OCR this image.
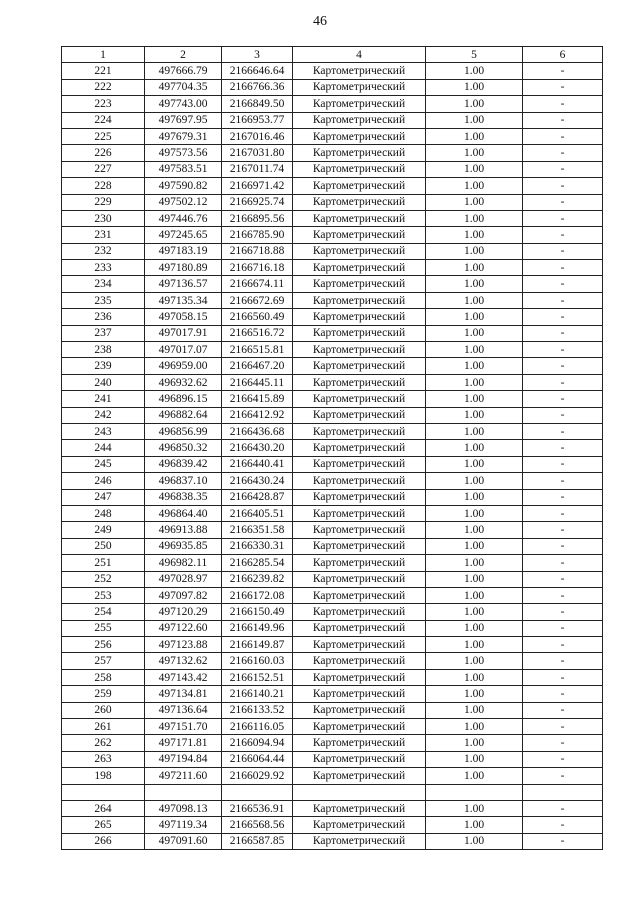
46
1	2	3	4	5	6
221	497666.79	2166646.64	Картометрический	1.00	-
222	497704.35	2166766.36	Картометрический	1.00	-
223	497743.00	2166849.50	Картометрический	1.00	-
224	497697.95	2166953.77	Картометрический	1.00	-
225	497679.31	2167016.46	Картометрический	1.00	-
226	497573.56	2167031.80	Картометрический	1.00	-
227	497583.51	2167011.74	Картометрический	1.00	-
228	497590.82	2166971.42	Картометрический	1.00	-
229	497502.12	2166925.74	Картометрический	1.00	-
230	497446.76	2166895.56	Картометрический	1.00	-
231	497245.65	2166785.90	Картометрический	1.00	-
232	497183.19	2166718.88	Картометрический	1.00	-
233	497180.89	2166716.18	Картометрический	1.00	-
234	497136.57	2166674.11	Картометрический	1.00	-
235	497135.34	2166672.69	Картометрический	1.00	-
236	497058.15	2166560.49	Картометрический	1.00	-
237	497017.91	2166516.72	Картометрический	1.00	-
238	497017.07	2166515.81	Картометрический	1.00	-
239	496959.00	2166467.20	Картометрический	1.00	-
240	496932.62	2166445.11	Картометрический	1.00	-
241	496896.15	2166415.89	Картометрический	1.00	-
242	496882.64	2166412.92	Картометрический	1.00	-
243	496856.99	2166436.68	Картометрический	1.00	-
244	496850.32	2166430.20	Картометрический	1.00	-
245	496839.42	2166440.41	Картометрический	1.00	-
246	496837.10	2166430.24	Картометрический	1.00	-
247	496838.35	2166428.87	Картометрический	1.00	-
248	496864.40	2166405.51	Картометрический	1.00	-
249	496913.88	2166351.58	Картометрический	1.00	-
250	496935.85	2166330.31	Картометрический	1.00	-
251	496982.11	2166285.54	Картометрический	1.00	-
252	497028.97	2166239.82	Картометрический	1.00	-
253	497097.82	2166172.08	Картометрический	1.00	-
254	497120.29	2166150.49	Картометрический	1.00	-
255	497122.60	2166149.96	Картометрический	1.00	-
256	497123.88	2166149.87	Картометрический	1.00	-
257	497132.62	2166160.03	Картометрический	1.00	-
258	497143.42	2166152.51	Картометрический	1.00	-
259	497134.81	2166140.21	Картометрический	1.00	-
260	497136.64	2166133.52	Картометрический	1.00	-
261	497151.70	2166116.05	Картометрический	1.00	-
262	497171.81	2166094.94	Картометрический	1.00	-
263	497194.84	2166064.44	Картометрический	1.00	-
198	497211.60	2166029.92	Картометрический	1.00	-

264	497098.13	2166536.91	Картометрический	1.00	-
265	497119.34	2166568.56	Картометрический	1.00	-
266	497091.60	2166587.85	Картометрический	1.00	-
